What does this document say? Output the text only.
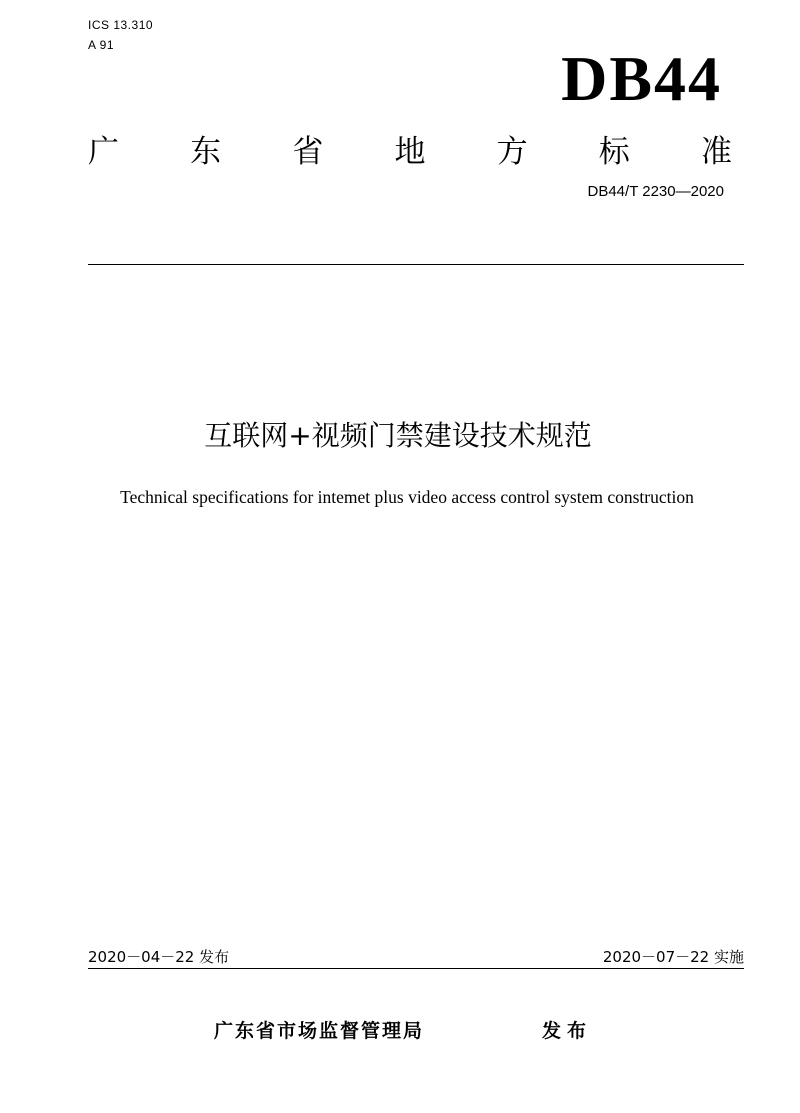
ICS 13.310
A 91	DB44
广 东 省 地 方 标 准
DB44/T 2230—2020
互联网+视频门禁建设技术规范
Technical specifications for intemet plus video access control system construction
2020－04－22 发布	2020－07－22 实施
广东省市场监督管理局	发布
